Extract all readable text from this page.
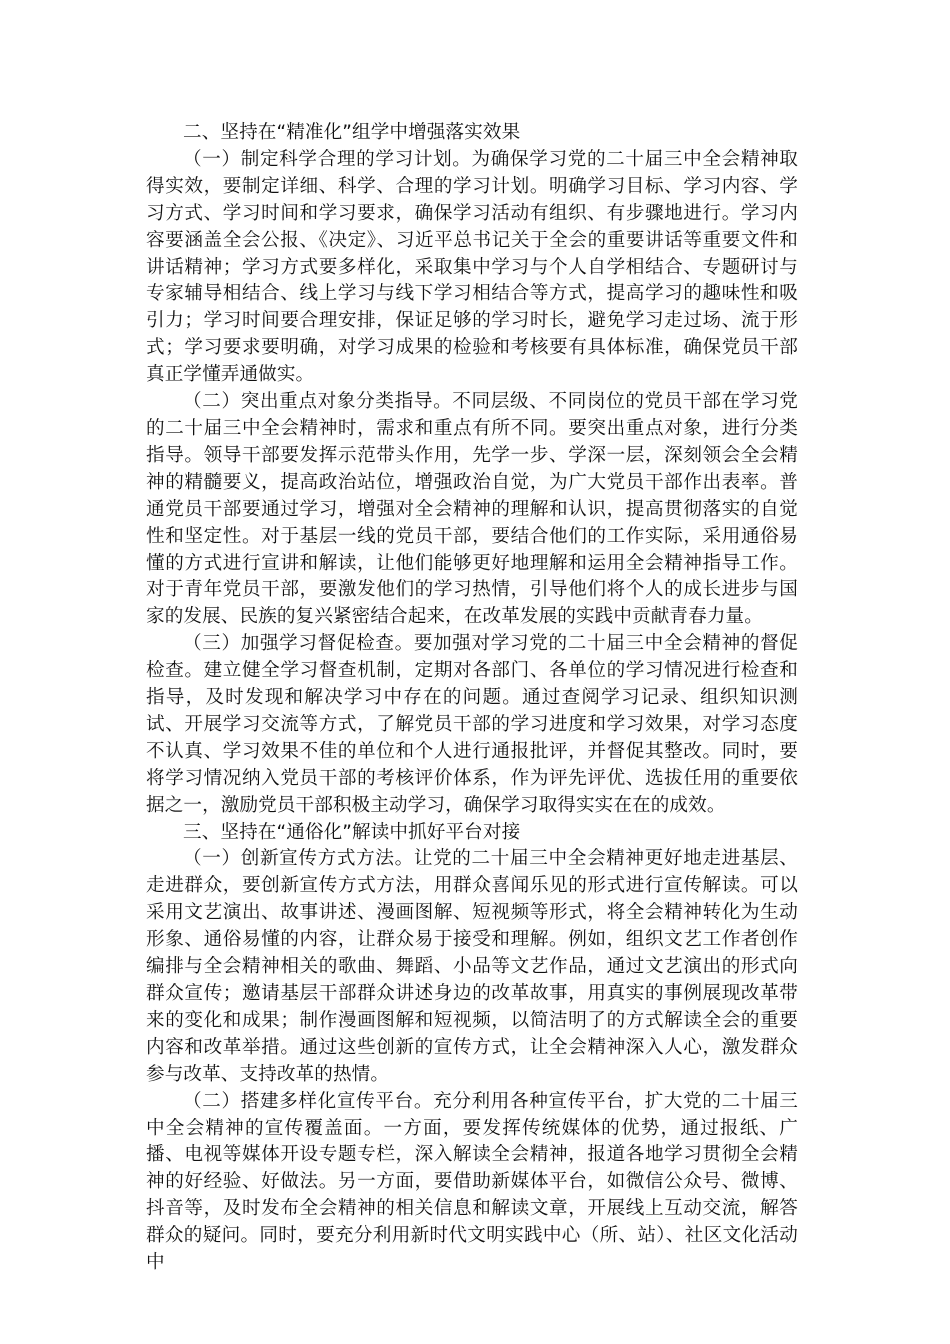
二、坚持在“精准化”组学中增强落实效果

（一）制定科学合理的学习计划。为确保学习党的二十届三中全会精神取得实效，要制定详细、科学、合理的学习计划。明确学习目标、学习内容、学习方式、学习时间和学习要求，确保学习活动有组织、有步骤地进行。学习内容要涵盖全会公报、《决定》、习近平总书记关于全会的重要讲话等重要文件和讲话精神；学习方式要多样化，采取集中学习与个人自学相结合、专题研讨与专家辅导相结合、线上学习与线下学习相结合等方式，提高学习的趣味性和吸引力；学习时间要合理安排，保证足够的学习时长，避免学习走过场、流于形式；学习要求要明确，对学习成果的检验和考核要有具体标准，确保党员干部真正学懂弄通做实。

（二）突出重点对象分类指导。不同层级、不同岗位的党员干部在学习党的二十届三中全会精神时，需求和重点有所不同。要突出重点对象，进行分类指导。领导干部要发挥示范带头作用，先学一步、学深一层，深刻领会全会精神的精髓要义，提高政治站位，增强政治自觉，为广大党员干部作出表率。普通党员干部要通过学习，增强对全会精神的理解和认识，提高贯彻落实的自觉性和坚定性。对于基层一线的党员干部，要结合他们的工作实际，采用通俗易懂的方式进行宣讲和解读，让他们能够更好地理解和运用全会精神指导工作。对于青年党员干部，要激发他们的学习热情，引导他们将个人的成长进步与国家的发展、民族的复兴紧密结合起来，在改革发展的实践中贡献青春力量。

（三）加强学习督促检查。要加强对学习党的二十届三中全会精神的督促检查。建立健全学习督查机制，定期对各部门、各单位的学习情况进行检查和指导，及时发现和解决学习中存在的问题。通过查阅学习记录、组织知识测试、开展学习交流等方式，了解党员干部的学习进度和学习效果，对学习态度不认真、学习效果不佳的单位和个人进行通报批评，并督促其整改。同时，要将学习情况纳入党员干部的考核评价体系，作为评先评优、选拔任用的重要依据之一，激励党员干部积极主动学习，确保学习取得实实在在的成效。

三、坚持在“通俗化”解读中抓好平台对接

（一）创新宣传方式方法。让党的二十届三中全会精神更好地走进基层、走进群众，要创新宣传方式方法，用群众喜闻乐见的形式进行宣传解读。可以采用文艺演出、故事讲述、漫画图解、短视频等形式，将全会精神转化为生动形象、通俗易懂的内容，让群众易于接受和理解。例如，组织文艺工作者创作编排与全会精神相关的歌曲、舞蹈、小品等文艺作品，通过文艺演出的形式向群众宣传；邀请基层干部群众讲述身边的改革故事，用真实的事例展现改革带来的变化和成果；制作漫画图解和短视频，以简洁明了的方式解读全会的重要内容和改革举措。通过这些创新的宣传方式，让全会精神深入人心，激发群众参与改革、支持改革的热情。

（二）搭建多样化宣传平台。充分利用各种宣传平台，扩大党的二十届三中全会精神的宣传覆盖面。一方面，要发挥传统媒体的优势，通过报纸、广播、电视等媒体开设专题专栏，深入解读全会精神，报道各地学习贯彻全会精神的好经验、好做法。另一方面，要借助新媒体平台，如微信公众号、微博、抖音等，及时发布全会精神的相关信息和解读文章，开展线上互动交流，解答群众的疑问。同时，要充分利用新时代文明实践中心（所、站）、社区文化活动中
